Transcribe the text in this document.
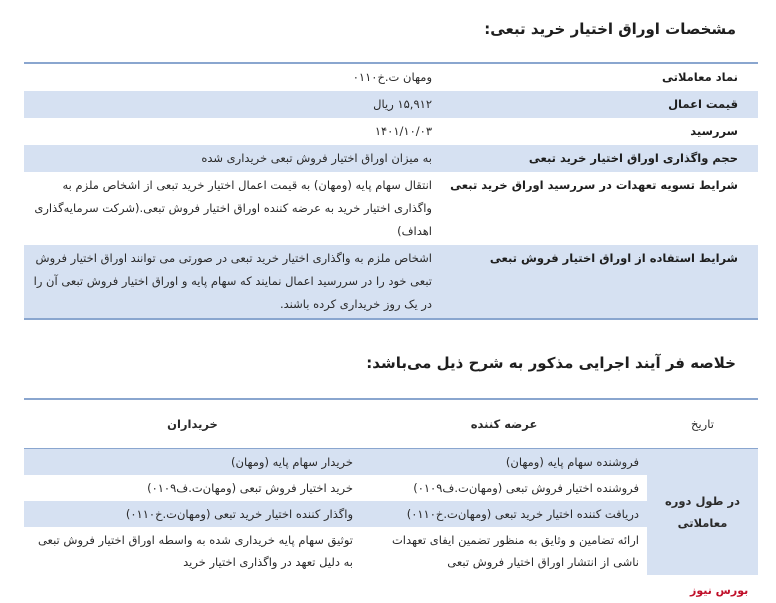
مشخصات اوراق اختیار خرید تبعی:
نماد معاملاتی	ومهان ت.خ۰۱۱۰
قیمت اعمال	۱۵,۹۱۲ ریال
سررسید	۱۴۰۱/۱۰/۰۳
حجم واگذاری اوراق اختیار خرید تبعی	به میزان اوراق اختیار فروش تبعی خریداری شده
شرایط تسویه تعهدات در سررسید اوراق خرید تبعی	انتقال سهام پایه (ومهان) به قیمت اعمال اختیار خرید تبعی از اشخاص ملزم به واگذاری اختیار خرید به عرضه کننده اوراق اختیار فروش تبعی.(شرکت سرمایه‌گذاری اهداف)
شرایط استفاده از اوراق اختیار فروش تبعی	اشخاص ملزم به واگذاری اختیار خرید تبعی در صورتی می توانند اوراق اختیار فروش تبعی خود را در سررسید اعمال نمایند که سهام پایه و اوراق اختیار فروش تبعی آن را در یک روز خریداری کرده باشند.
خلاصه فر آیند اجرایی مذکور به شرح ذیل می‌باشد:
تاریخ	عرضه کننده	خریداران
در طول دوره معاملاتی	فروشنده سهام پایه (ومهان)	خریدار سهام پایه (ومهان)
	فروشنده اختیار فروش تبعی (ومهان‌ت.ف۰۱۰۹)	خرید اختیار فروش تبعی (ومهان‌ت.ف۰۱۰۹)
	دریافت کننده اختیار خرید تبعی (ومهان‌ت.خ۰۱۱۰)	واگذار کننده اختیار خرید تبعی (ومهان‌ت.خ۰۱۱۰)
	ارائه تضامین و وثایق به منظور تضمین ایفای تعهدات ناشی از انتشار اوراق اختیار فروش تبعی	توثیق سهام پایه خریداری شده به واسطه اوراق اختیار فروش تبعی به دلیل تعهد در واگذاری اختیار خرید
بورس نیوز
